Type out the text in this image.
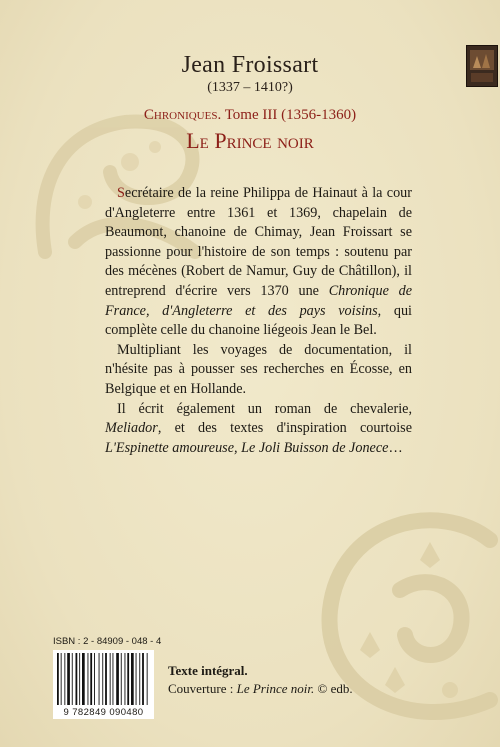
Jean Froissart
(1337 – 1410?)
Chroniques. Tome III (1356-1360)
Le Prince noir

Secrétaire de la reine Philippa de Hainaut à la cour d'Angleterre entre 1361 et 1369, chapelain de Beaumont, chanoine de Chimay, Jean Froissart se passionne pour l'histoire de son temps : soutenu par des mécènes (Robert de Namur, Guy de Châtillon), il entreprend d'écrire vers 1370 une Chronique de France, d'Angleterre et des pays voisins, qui complète celle du chanoine liégeois Jean le Bel.

Multipliant les voyages de documentation, il n'hésite pas à pousser ses recherches en Écosse, en Belgique et en Hollande.

Il écrit également un roman de chevalerie, Meliador, et des textes d'inspiration courtoise L'Espinette amoureuse, Le Joli Buisson de Jonece…

ISBN : 2 - 84909 - 048 - 4
9 782849 090480
Texte intégral.
Couverture : Le Prince noir. © edb.
